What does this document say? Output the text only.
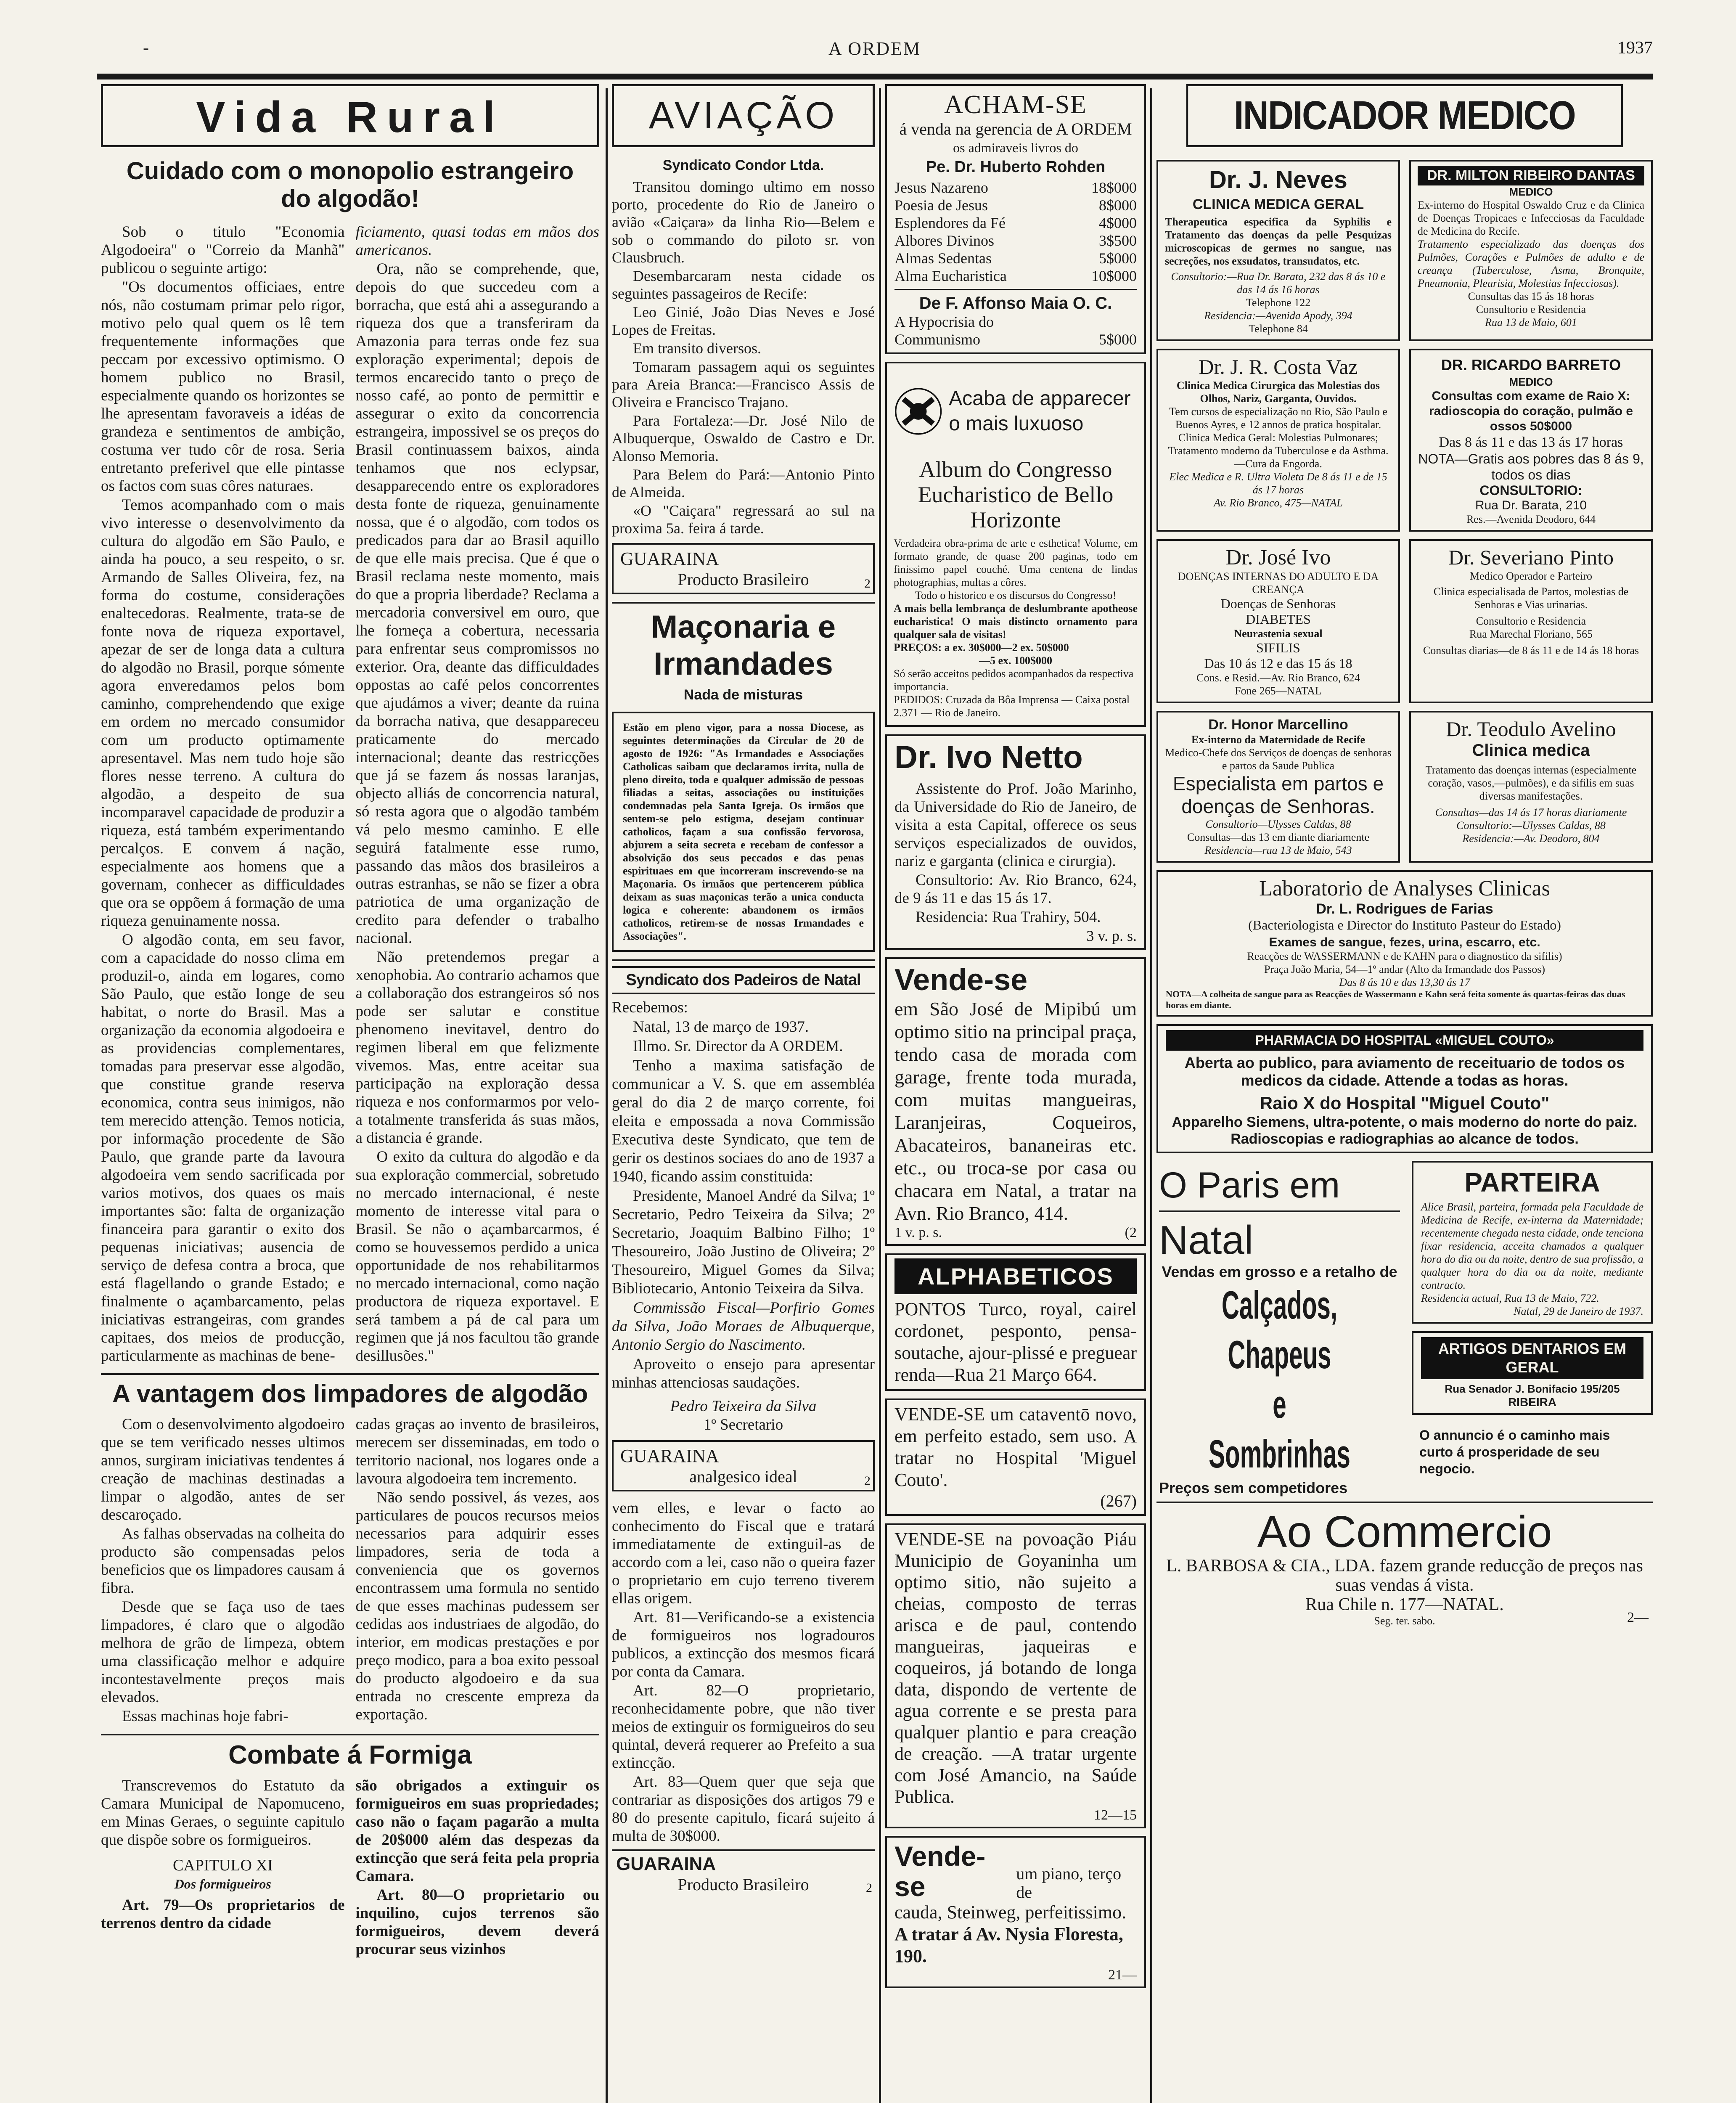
-	A ORDEM	1937
Vida Rural
Cuidado com o monopolio estrangeiro do algodão!

Sob o titulo "Economia Algodoeira" o "Correio da Manhã" publicou o seguinte artigo:

"Os documentos officiaes, entre nós, não costumam primar pelo rigor, motivo pelo qual quem os lê tem frequentemente informações que peccam por excessivo optimismo. O homem publico no Brasil, especialmente quando os horizontes se lhe apresentam favoraveis a idéas de grandeza e sentimentos de ambição, costuma ver tudo côr de rosa. Seria entretanto preferivel que elle pintasse os factos com suas côres naturaes.

Temos acompanhado com o mais vivo interesse o desenvolvimento da cultura do algodão em São Paulo, e ainda ha pouco, a seu respeito, o sr. Armando de Salles Oliveira, fez, na forma do costume, considerações enaltecedoras. Realmente, trata-se de fonte nova de riqueza exportavel, apezar de ser de longa data a cultura do algodão no Brasil, porque sómente agora enveredamos pelos bom caminho, comprehendendo que exige em ordem no mercado consumidor com um producto optimamente apresentavel. Mas nem tudo hoje são flores nesse terreno. A cultura do algodão, a despeito de sua incomparavel capacidade de produzir a riqueza, está também experimentando percalços. E convem á nação, especialmente aos homens que a governam, conhecer as difficuldades que ora se oppõem á formação de uma riqueza genuinamente nossa.

O algodão conta, em seu favor, com a capacidade do nosso clima em produzil-o, ainda em logares, como São Paulo, que estão longe de seu habitat, o norte do Brasil. Mas a organização da economia algodoeira e as providencias complementares, tomadas para preservar esse algodão, que constitue grande reserva economica, contra seus inimigos, não tem merecido attenção. Temos noticia, por informação procedente de São Paulo, que grande parte da lavoura algodoeira vem sendo sacrificada por varios motivos, dos quaes os mais importantes são: falta de organização financeira para garantir o exito dos pequenas iniciativas; ausencia de serviço de defesa contra a broca, que está flagellando o grande Estado; e finalmente o açambarcamento, pelas iniciativas estrangeiras, com grandes capitaes, dos meios de producção, particularmente as machinas de bene-

ficiamento, quasi todas em mãos dos americanos.

Ora, não se comprehende, que, depois do que succedeu com a borracha, que está ahi a assegurando a riqueza dos que a transferiram da Amazonia para terras onde fez sua exploração experimental; depois de termos encarecido tanto o preço de nosso café, ao ponto de permittir e assegurar o exito da concorrencia estrangeira, impossivel se os preços do Brasil continuassem baixos, ainda tenhamos que nos eclypsar, desapparecendo entre os exploradores desta fonte de riqueza, genuinamente nossa, que é o algodão, com todos os predicados para dar ao Brasil aquillo de que elle mais precisa. Que é que o Brasil reclama neste momento, mais do que a propria liberdade? Reclama a mercadoria conversivel em ouro, que lhe forneça a cobertura, necessaria para enfrentar seus compromissos no exterior. Ora, deante das difficuldades oppostas ao café pelos concorrentes que ajudámos a viver; deante da ruina da borracha nativa, que desappareceu praticamente do mercado internacional; deante das restricções que já se fazem ás nossas laranjas, objecto alliás de concorrencia natural, só resta agora que o algodão também vá pelo mesmo caminho. E elle seguirá fatalmente esse rumo, passando das mãos dos brasileiros a outras estranhas, se não se fizer a obra patriotica de uma organização de credito para defender o trabalho nacional.

Não pretendemos pregar a xenophobia. Ao contrario achamos que a collaboração dos estrangeiros só nos pode ser salutar e constitue phenomeno inevitavel, dentro do regimen liberal em que felizmente vivemos. Mas, entre aceitar sua participação na exploração dessa riqueza e nos conformarmos por velo-a totalmente transferida ás suas mãos, a distancia é grande.

O exito da cultura do algodão e da sua exploração commercial, sobretudo no mercado internacional, é neste momento de interesse vital para o Brasil. Se não o açambarcarmos, é como se houvessemos perdido a unica opportunidade de nos rehabilitarmos no mercado internacional, como nação productora de riqueza exportavel. E será tambem a pá de cal para um regimen que já nos facultou tão grande desillusões."

A vantagem dos limpadores de algodão

Com o desenvolvimento algodoeiro que se tem verificado nesses ultimos annos, surgiram iniciativas tendentes á creação de machinas destinadas a limpar o algodão, antes de ser descaroçado.

As falhas observadas na colheita do producto são compensadas pelos beneficios que os limpadores causam á fibra.

Desde que se faça uso de taes limpadores, é claro que o algodão melhora de grão de limpeza, obtem uma classificação melhor e adquire incontestavelmente preços mais elevados.

Essas machinas hoje fabri-

cadas graças ao invento de brasileiros, merecem ser disseminadas, em todo o territorio nacional, nos logares onde a lavoura algodoeira tem incremento.

Não sendo possivel, ás vezes, aos particulares de poucos recursos meios necessarios para adquirir esses limpadores, seria de toda a conveniencia que os governos encontrassem uma formula no sentido de que esses machinas pudessem ser cedidas aos industriaes de algodão, do interior, em modicas prestações e por preço modico, para a boa exito pessoal do producto algodoeiro e da sua entrada no crescente empreza da exportação.

Combate á Formiga

Transcrevemos do Estatuto da Camara Municipal de Napomuceno, em Minas Geraes, o seguinte capitulo que dispõe sobre os formigueiros.

CAPITULO XI
Dos formigueiros

Art. 79—Os proprietarios de terrenos dentro da cidade

são obrigados a extinguir os formigueiros em suas propriedades; caso não o façam pagarão a multa de 20$000 além das despezas da extincção que será feita pela propria Camara.

Art. 80—O proprietario ou inquilino, cujos terrenos são formigueiros, devem deverá procurar seus vizinhos

AVIAÇÃO
Syndicato Condor Ltda.

Transitou domingo ultimo em nosso porto, procedente do Rio de Janeiro o avião «Caiçara» da linha Rio—Belem e sob o commando do piloto sr. von Clausbruch.

Desembarcaram nesta cidade os seguintes passageiros de Recife:

Leo Ginié, João Dias Neves e José Lopes de Freitas.

Em transito diversos.

Tomaram passagem aqui os seguintes para Areia Branca:—Francisco Assis de Oliveira e Francisco Trajano.

Para Fortaleza:—Dr. José Nilo de Albuquerque, Oswaldo de Castro e Dr. Alonso Memoria.

Para Belem do Pará:—Antonio Pinto de Almeida.

«O "Caiçara" regressará ao sul na proxima 5a. feira á tarde.

GUARAINA
Producto Brasileiro	2
Maçonaria e Irmandades
Nada de misturas
Estão em pleno vigor, para a nossa Diocese, as seguintes determinações da Circular de 20 de agosto de 1926: "As Irmandades e Associações Catholicas saibam que declaramos irrita, nulla de pleno direito, toda e qualquer admissão de pessoas filiadas a seitas, associações ou instituições condemnadas pela Santa Igreja. Os irmãos que sentem-se pelo estigma, desejam continuar catholicos, façam a sua confissão fervorosa, abjurem a seita secreta e recebam de confessor a absolvição dos seus peccados e das penas espirituaes em que incorreram inscrevendo-se na Maçonaria. Os irmãos que pertencerem pública deixam as suas maçonicas terão a unica conducta logica e coherente: abandonem os irmãos catholicos, retirem-se de nossas Irmandades e Associações".
Syndicato dos Padeiros de Natal

Recebemos:

Natal, 13 de março de 1937.

Illmo. Sr. Director da A ORDEM.

Tenho a maxima satisfação de communicar a V. S. que em assembléa geral do dia 2 de março corrente, foi eleita e empossada a nova Commissão Executiva deste Syndicato, que tem de gerir os destinos sociaes do ano de 1937 a 1940, ficando assim constituida:

Presidente, Manoel André da Silva; 1º Secretario, Pedro Teixeira da Silva; 2º Secretario, Joaquim Balbino Filho; 1º Thesoureiro, João Justino de Oliveira; 2º Thesoureiro, Miguel Gomes da Silva; Bibliotecario, Antonio Teixeira da Silva.

Commissão Fiscal—Porfirio Gomes da Silva, João Moraes de Albuquerque, Antonio Sergio do Nascimento.

Aproveito o ensejo para apresentar minhas attenciosas saudações.

Pedro Teixeira da Silva
1º Secretario
GUARAINA
analgesico ideal	2

vem elles, e levar o facto ao conhecimento do Fiscal que e tratará immediatamente de extinguil-as de accordo com a lei, caso não o queira fazer o proprietario em cujo terreno tiverem ellas origem.

Art. 81—Verificando-se a existencia de formigueiros nos logradouros publicos, a extincção dos mesmos ficará por conta da Camara.

Art. 82—O proprietario, reconhecidamente pobre, que não tiver meios de extinguir os formigueiros do seu quintal, deverá requerer ao Prefeito a sua extincção.

Art. 83—Quem quer que seja que contrariar as disposições dos artigos 79 e 80 do presente capitulo, ficará sujeito á multa de 30$000.

GUARAINA
Producto Brasileiro	2
ACHAM-SE
á venda na gerencia de A ORDEM
os admiraveis livros do
Pe. Dr. Huberto Rohden
Jesus Nazareno	18$000
Poesia de Jesus	8$000
Esplendores da Fé	4$000
Albores Divinos	3$500
Almas Sedentas	5$000
Alma Eucharistica	10$000
De F. Affonso Maia O. C.
A Hypocrisia do Communismo	5$000
Acaba de apparecer o mais luxuoso
Album do Congresso Eucharistico de Bello Horizonte
Verdadeira obra-prima de arte e esthetica! Volume, em formato grande, de quase 200 paginas, todo em finissimo papel couché. Uma centena de lindas photographias, multas a côres.
Todo o historico e os discursos do Congresso!
A mais bella lembrança de deslumbrante apotheose eucharistica! O mais distincto ornamento para qualquer sala de visitas!
PREÇOS: a ex. 30$000—2 ex. 50$000
—5 ex. 100$000
Só serão acceitos pedidos acompanhados da respectiva importancia.
PEDIDOS: Cruzada da Bôa Imprensa — Caixa postal 2.371 — Rio de Janeiro.
Dr. Ivo Netto

Assistente do Prof. João Marinho, da Universidade do Rio de Janeiro, de visita a esta Capital, offerece os seus serviços especializados de ouvidos, nariz e garganta (clinica e cirurgia).

Consultorio: Av. Rio Branco, 624, de 9 ás 11 e das 15 ás 17.

Residencia: Rua Trahiry, 504.

3 v. p. s.
Vende-se
em São José de Mipibú um optimo sitio na principal praça, tendo casa de morada com garage, frente toda murada, com muitas mangueiras, Laranjeiras, Coqueiros, Abacateiros, bananeiras etc. etc., ou troca-se por casa ou chacara em Natal, a tratar na Avn. Rio Branco, 414.
1 v. p. s.	(2
ALPHABETICOS
PONTOS Turco, royal, cairel cordonet, pesponto, pensa-soutache, ajour-plissé e preguear renda—Rua 21 Março 664.
VENDE-SE um cataventō novo, em perfeito estado, sem uso. A tratar no Hospital 'Miguel Couto'.
(267)
VENDE-SE na povoação Piáu Municipio de Goyaninha um optimo sitio, não sujeito a cheias, composto de terras arisca e de paul, contendo mangueiras, jaqueiras e coqueiros, já botando de longa data, dispondo de vertente de agua corrente e se presta para qualquer plantio e para creação de creação. —A tratar urgente com José Amancio, na Saúde Publica.
12—15
Vende-se	um piano, terço de
cauda, Steinweg, perfeitissimo.
A tratar á Av. Nysia Floresta, 190.
21—
INDICADOR MEDICO
Dr. J. Neves
CLINICA MEDICA GERAL
Therapeutica especifica da Syphilis e Tratamento das doenças da pelle Pesquizas microscopicas de germes no sangue, nas secreções, nos exsudatos, transudatos, etc.
Consultorio:—Rua Dr. Barata, 232 das 8 ás 10 e das 14 ás 16 horas
Telephone 122
Residencia:—Avenida Apody, 394
Telephone 84
DR. MILTON RIBEIRO DANTAS
MEDICO
Ex-interno do Hospital Oswaldo Cruz e da Clinica de Doenças Tropicaes e Infecciosas da Faculdade de Medicina do Recife.
Tratamento especializado das doenças dos Pulmões, Corações e Pulmões de adulto e de creança (Tuberculose, Asma, Bronquite, Pneumonia, Pleurisia, Molestias Infecciosas).
Consultas das 15 ás 18 horas
Consultorio e Residencia
Rua 13 de Maio, 601
Dr. J. R. Costa Vaz
Clinica Medica Cirurgica das Molestias dos Olhos, Nariz, Garganta, Ouvidos.
Tem cursos de especialização no Rio, São Paulo e Buenos Ayres, e 12 annos de pratica hospitalar.
Clinica Medica Geral: Molestias Pulmonares; Tratamento moderno da Tuberculose e da Asthma.—Cura da Engorda.
Elec Medica e R. Ultra Violeta De 8 ás 11 e de 15 ás 17 horas
Av. Rio Branco, 475—NATAL
DR. RICARDO BARRETO
MEDICO
Consultas com exame de Raio X: radioscopia do coração, pulmão e ossos 50$000
Das 8 ás 11 e das 13 ás 17 horas
NOTA—Gratis aos pobres das 8 ás 9, todos os dias
CONSULTORIO:
Rua Dr. Barata, 210
Res.—Avenida Deodoro, 644
Dr. José Ivo
DOENÇAS INTERNAS DO ADULTO E DA CREANÇA
Doenças de Senhoras
DIABETES
Neurastenia sexual
SIFILIS
Das 10 ás 12 e das 15 ás 18
Cons. e Resid.—Av. Rio Branco, 624
Fone 265—NATAL
Dr. Severiano Pinto
Medico Operador e Parteiro
Clinica especialisada de Partos, molestias de Senhoras e Vias urinarias.
Consultorio e Residencia
Rua Marechal Floriano, 565
Consultas diarias—de 8 ás 11 e de 14 ás 18 horas
Dr. Honor Marcellino
Ex-interno da Maternidade de Recife
Medico-Chefe dos Serviços de doenças de senhoras e partos da Saude Publica
Especialista em partos e doenças de Senhoras.
Consultorio—Ulysses Caldas, 88
Consultas—das 13 em diante diariamente
Residencia—rua 13 de Maio, 543
Dr. Teodulo Avelino
Clinica medica
Tratamento das doenças internas (especialmente coração, vasos,—pulmões), e da sifilis em suas diversas manifestações.
Consultas—das 14 ás 17 horas diariamente
Consultorio:—Ulysses Caldas, 88
Residencia:—Av. Deodoro, 804
Laboratorio de Analyses Clinicas
Dr. L. Rodrigues de Farias
(Bacteriologista e Director do Instituto Pasteur do Estado)
Exames de sangue, fezes, urina, escarro, etc.
Reacções de WASSERMANN e de KAHN para o diagnostico da sifilis)
Praça João Maria, 54—1º andar (Alto da Irmandade dos Passos)
Das 8 ás 10 e das 13,30 ás 17
NOTA—A colheita de sangue para as Reacções de Wassermann e Kahn será feita somente ás quartas-feiras das duas horas em diante.
PHARMACIA DO HOSPITAL «MIGUEL COUTO»
Aberta ao publico, para aviamento de receituario de todos os medicos da cidade. Attende a todas as horas.
Raio X do Hospital "Miguel Couto"
Apparelho Siemens, ultra-potente, o mais moderno do norte do paiz.
Radioscopias e radiographias ao alcance de todos.
O Paris em
Natal
Vendas em grosso e a retalho de
Calçados,
Chapeus
e Sombrinhas
Preços sem competidores
PARTEIRA
Alice Brasil, parteira, formada pela Faculdade de Medicina de Recife, ex-interna da Maternidade; recentemente chegada nesta cidade, onde tenciona fixar residencia, acceita chamados a qualquer hora do dia ou da noite, dentro de sua profissão, a qualquer hora do dia ou da noite, mediante contracto.
Residencia actual, Rua 13 de Maio, 722.
Natal, 29 de Janeiro de 1937.
ARTIGOS DENTARIOS EM GERAL
Rua Senador J. Bonifacio 195/205
RIBEIRA
O annuncio é o caminho mais curto á prosperidade de seu negocio.
Ao Commercio
L. BARBOSA & CIA., LDA. fazem grande reducção de preços nas suas vendas á vista.
Rua Chile n. 177—NATAL.
Seg. ter. sabo.	2—
